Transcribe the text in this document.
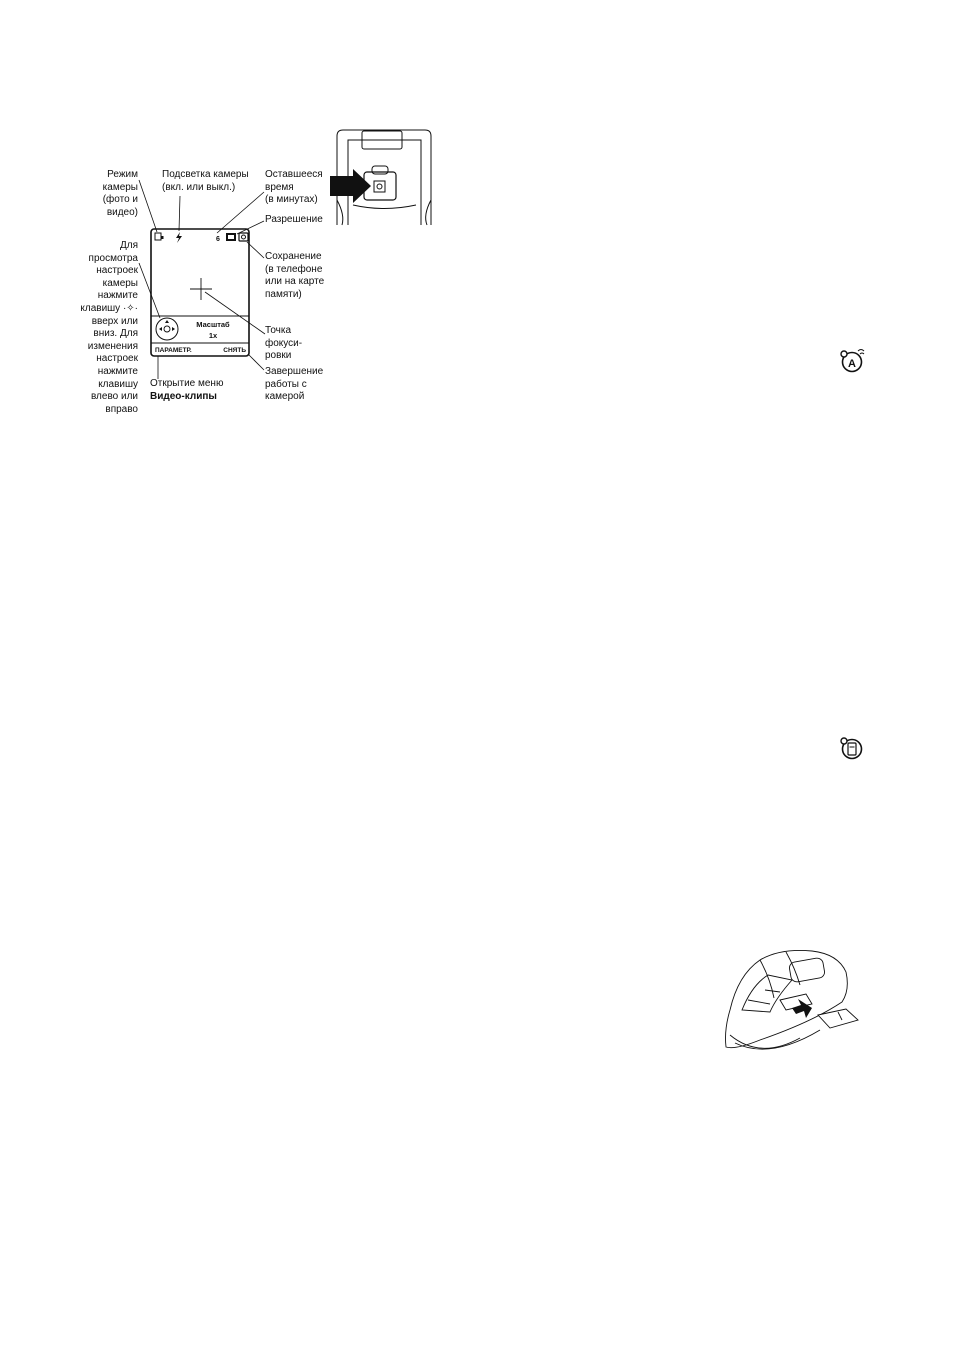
A
6
Масштаб
1x
ПАРАМЕТР.	СНЯТЬ
Режим
камеры
(фото и
видео)
Подсветка камеры
(вкл. или выкл.)
Оставшееся
время
(в минутах)
Разрешение
Сохранение
(в телефоне
или на карте
памяти)
Для
просмотра
настроек
камеры
нажмите
клавишу ·✧·
вверх или
вниз. Для
изменения
настроек
нажмите
клавишу
влево или
вправо
Точка
фокуси-
ровки
Завершение
работы с
камерой
Открытие меню
Видео-клипы
